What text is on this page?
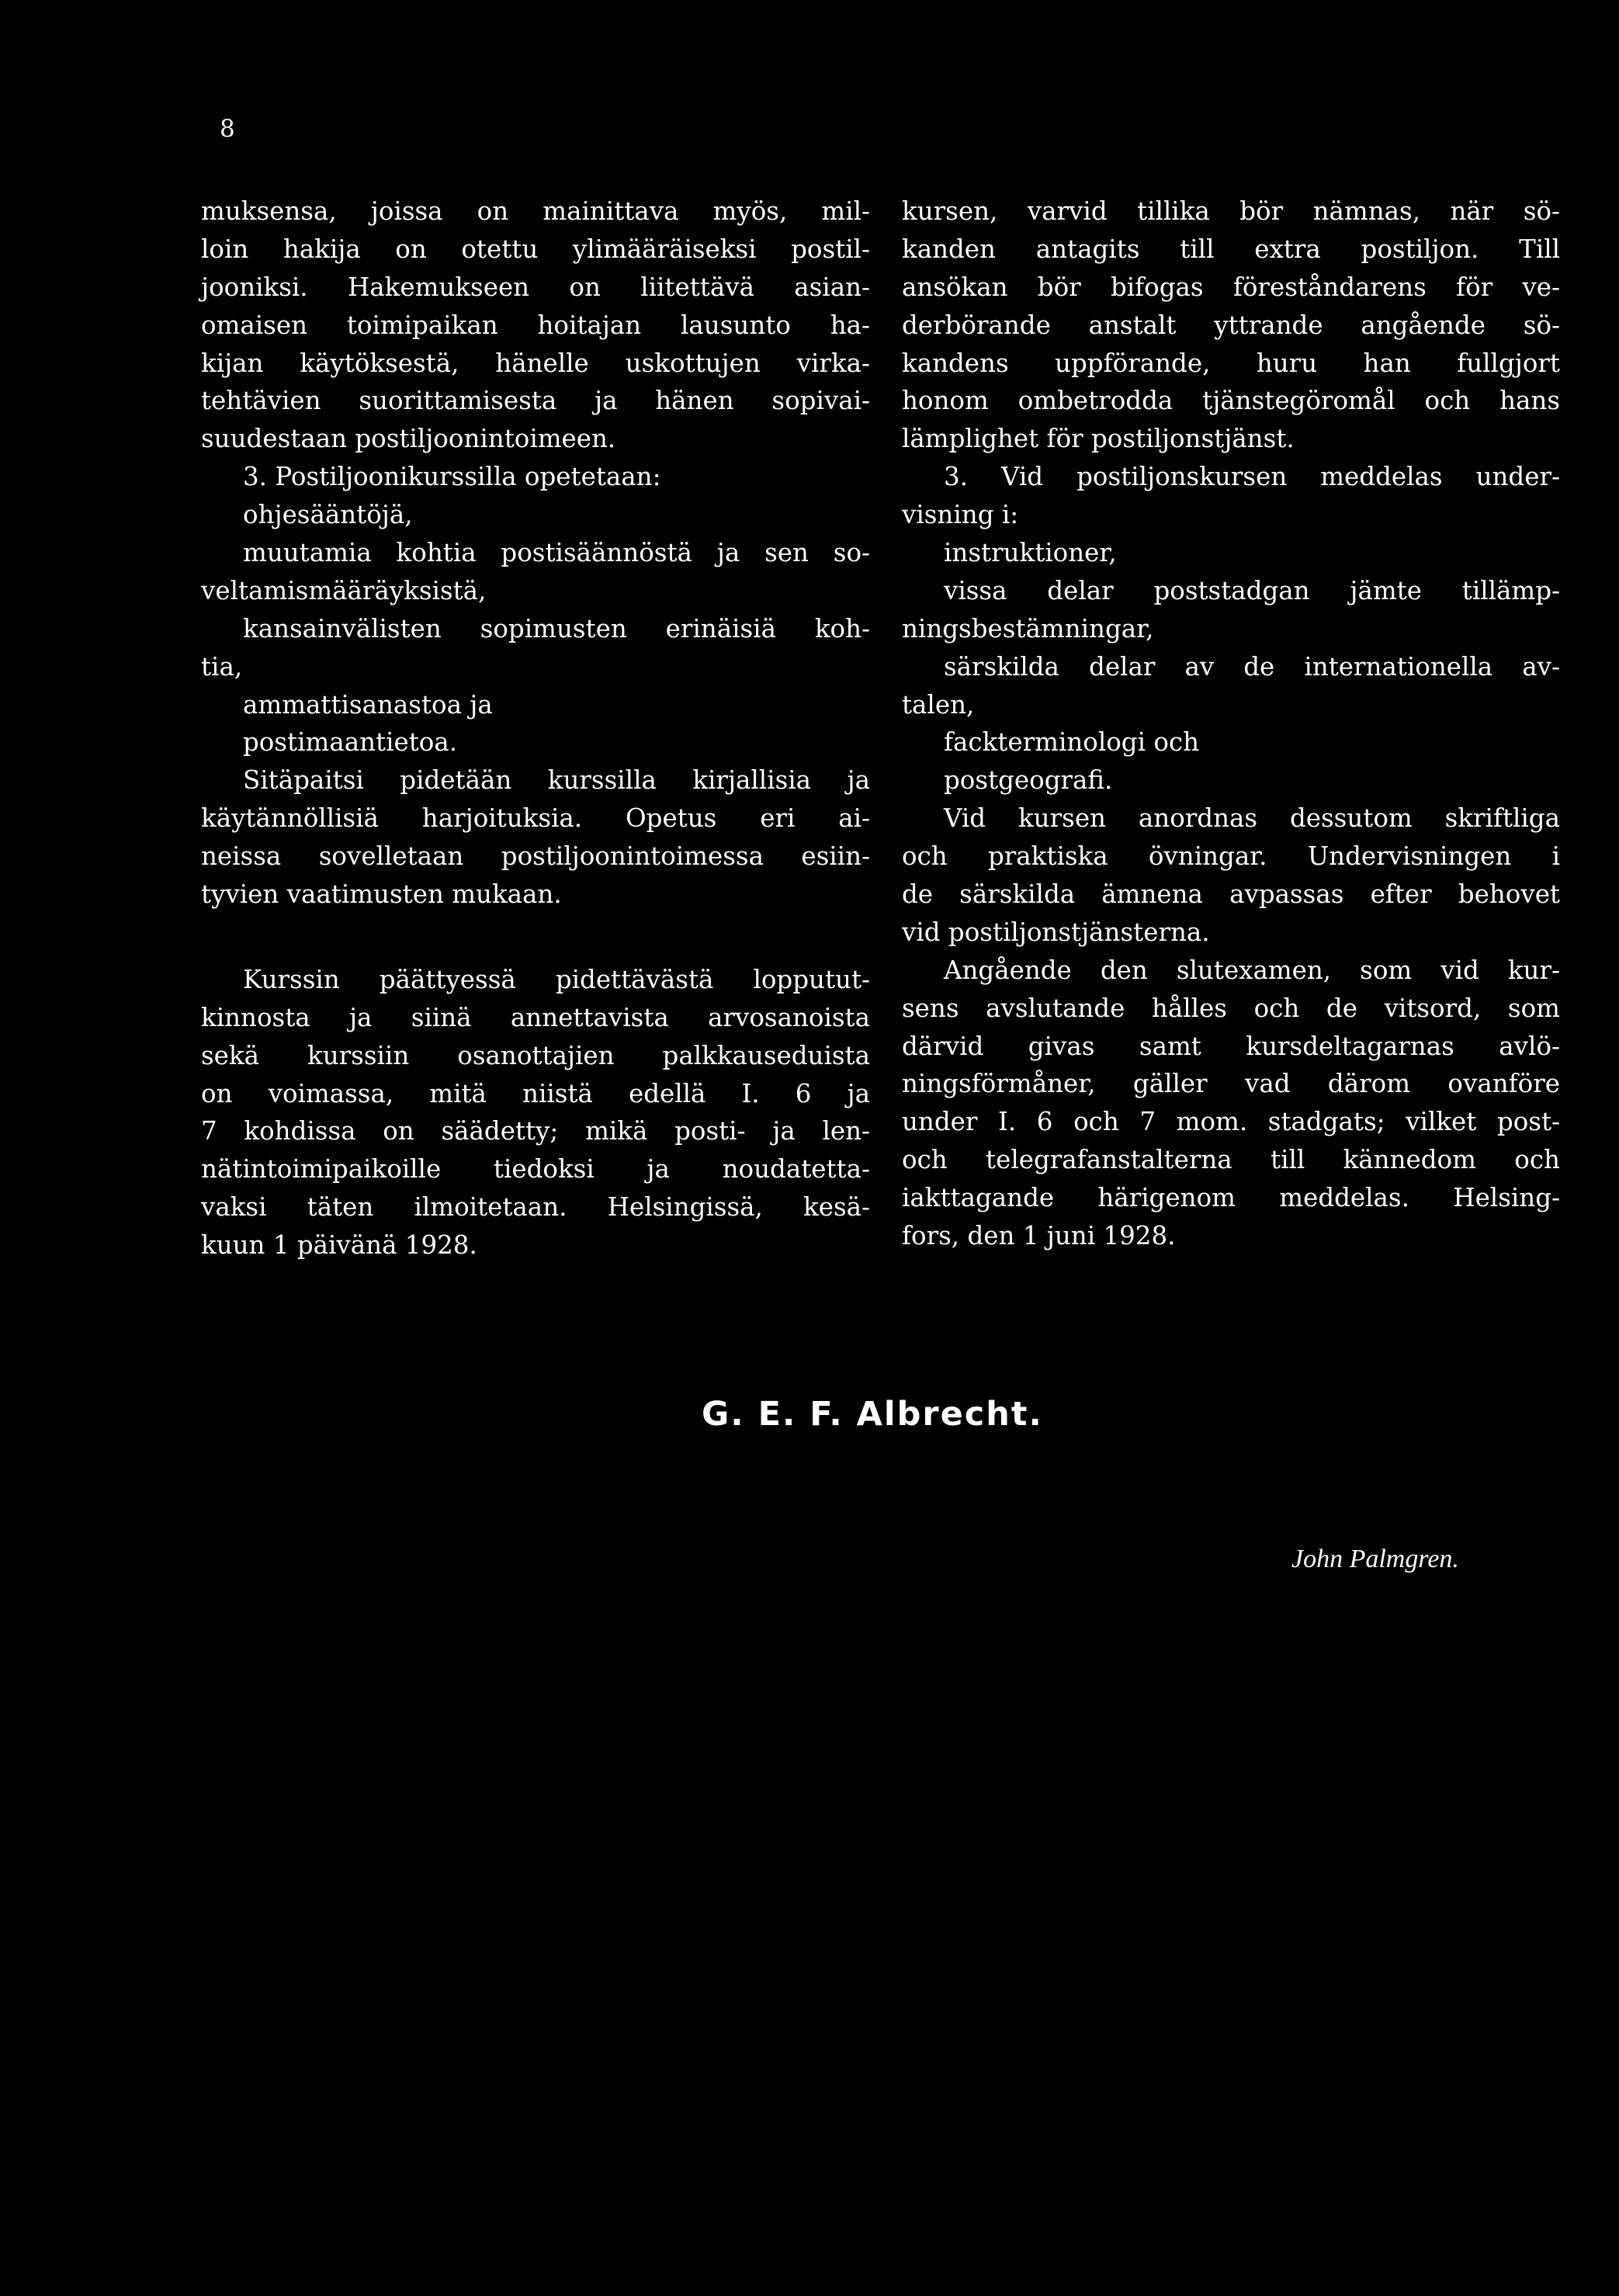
8
muksensa, joissa on mainittava myös, mil-
loin hakija on otettu ylimääräiseksi postil-
jooniksi. Hakemukseen on liitettävä asian-
omaisen toimipaikan hoitajan lausunto ha-
kijan käytöksestä, hänelle uskottujen virka-
tehtävien suorittamisesta ja hänen sopivai-
suudestaan postiljoonintoimeen.
3. Postiljoonikurssilla opetetaan:
ohjesääntöjä,
muutamia kohtia postisäännöstä ja sen so-
veltamismääräyksistä,
kansainvälisten sopimusten erinäisiä koh-
tia,
ammattisanastoa ja
postimaantietoa.
Sitäpaitsi pidetään kurssilla kirjallisia ja
käytännöllisiä harjoituksia. Opetus eri ai-
neissa sovelletaan postiljoonintoimessa esiin-
tyvien vaatimusten mukaan.
Kurssin päättyessä pidettävästä lopputut-
kinnosta ja siinä annettavista arvosanoista
sekä kurssiin osanottajien palkkauseduista
on voimassa, mitä niistä edellä I. 6 ja
7 kohdissa on säädetty; mikä posti- ja len-
nätintoimipaikoille tiedoksi ja noudatetta-
vaksi täten ilmoitetaan. Helsingissä, kesä-
kuun 1 päivänä 1928.
kursen, varvid tillika bör nämnas, när sö-
kanden antagits till extra postiljon. Till
ansökan bör bifogas föreståndarens för ve-
derbörande anstalt yttrande angående sö-
kandens uppförande, huru han fullgjort
honom ombetrodda tjänstegöromål och hans
lämplighet för postiljonstjänst.
3. Vid postiljonskursen meddelas under-
visning i:
instruktioner,
vissa delar poststadgan jämte tillämp-
ningsbestämningar,
särskilda delar av de internationella av-
talen,
fackterminologi och
postgeografi.
Vid kursen anordnas dessutom skriftliga
och praktiska övningar. Undervisningen i
de särskilda ämnena avpassas efter behovet
vid postiljonstjänsterna.
Angående den slutexamen, som vid kur-
sens avslutande hålles och de vitsord, som
därvid givas samt kursdeltagarnas avlö-
ningsförmåner, gäller vad därom ovanföre
under I. 6 och 7 mom. stadgats; vilket post-
och telegrafanstalterna till kännedom och
iakttagande härigenom meddelas. Helsing-
fors, den 1 juni 1928.
G. E. F. Albrecht.
John Palmgren.
